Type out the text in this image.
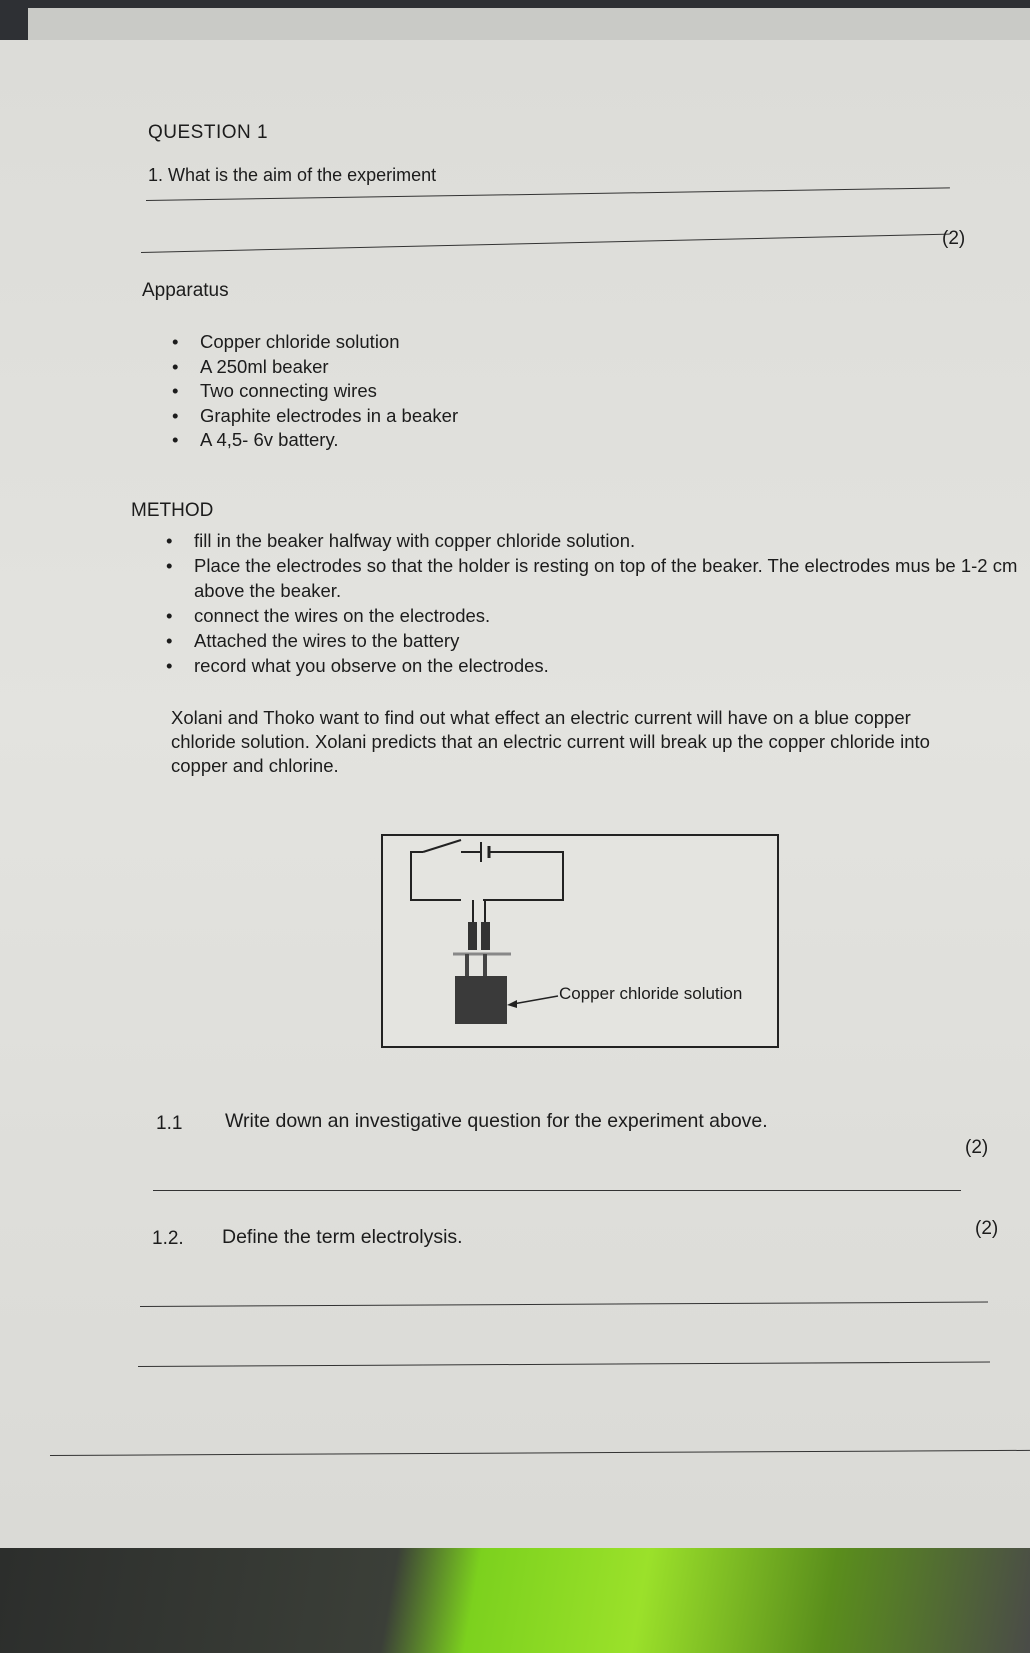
QUESTION 1
1. What is the aim of the experiment
(2)
Apparatus
• Copper chloride solution
• A 250ml beaker
• Two connecting wires
• Graphite electrodes in a beaker
• A 4,5- 6v battery.
METHOD
• fill in the beaker halfway with copper chloride solution.
• Place the electrodes so that the holder is resting on top of the beaker. The electrodes mus be 1-2 cm above the beaker.
• connect the wires on the electrodes.
• Attached the wires to the battery
• record what you observe on the electrodes.
Xolani and Thoko want to find out what effect an electric current will have on a blue copper chloride solution. Xolani predicts that an electric current will break up the copper chloride into copper and chlorine.
Copper chloride solution
1.1 Write down an investigative question for the experiment above.
(2)
1.2. Define the term electrolysis.	(2)
